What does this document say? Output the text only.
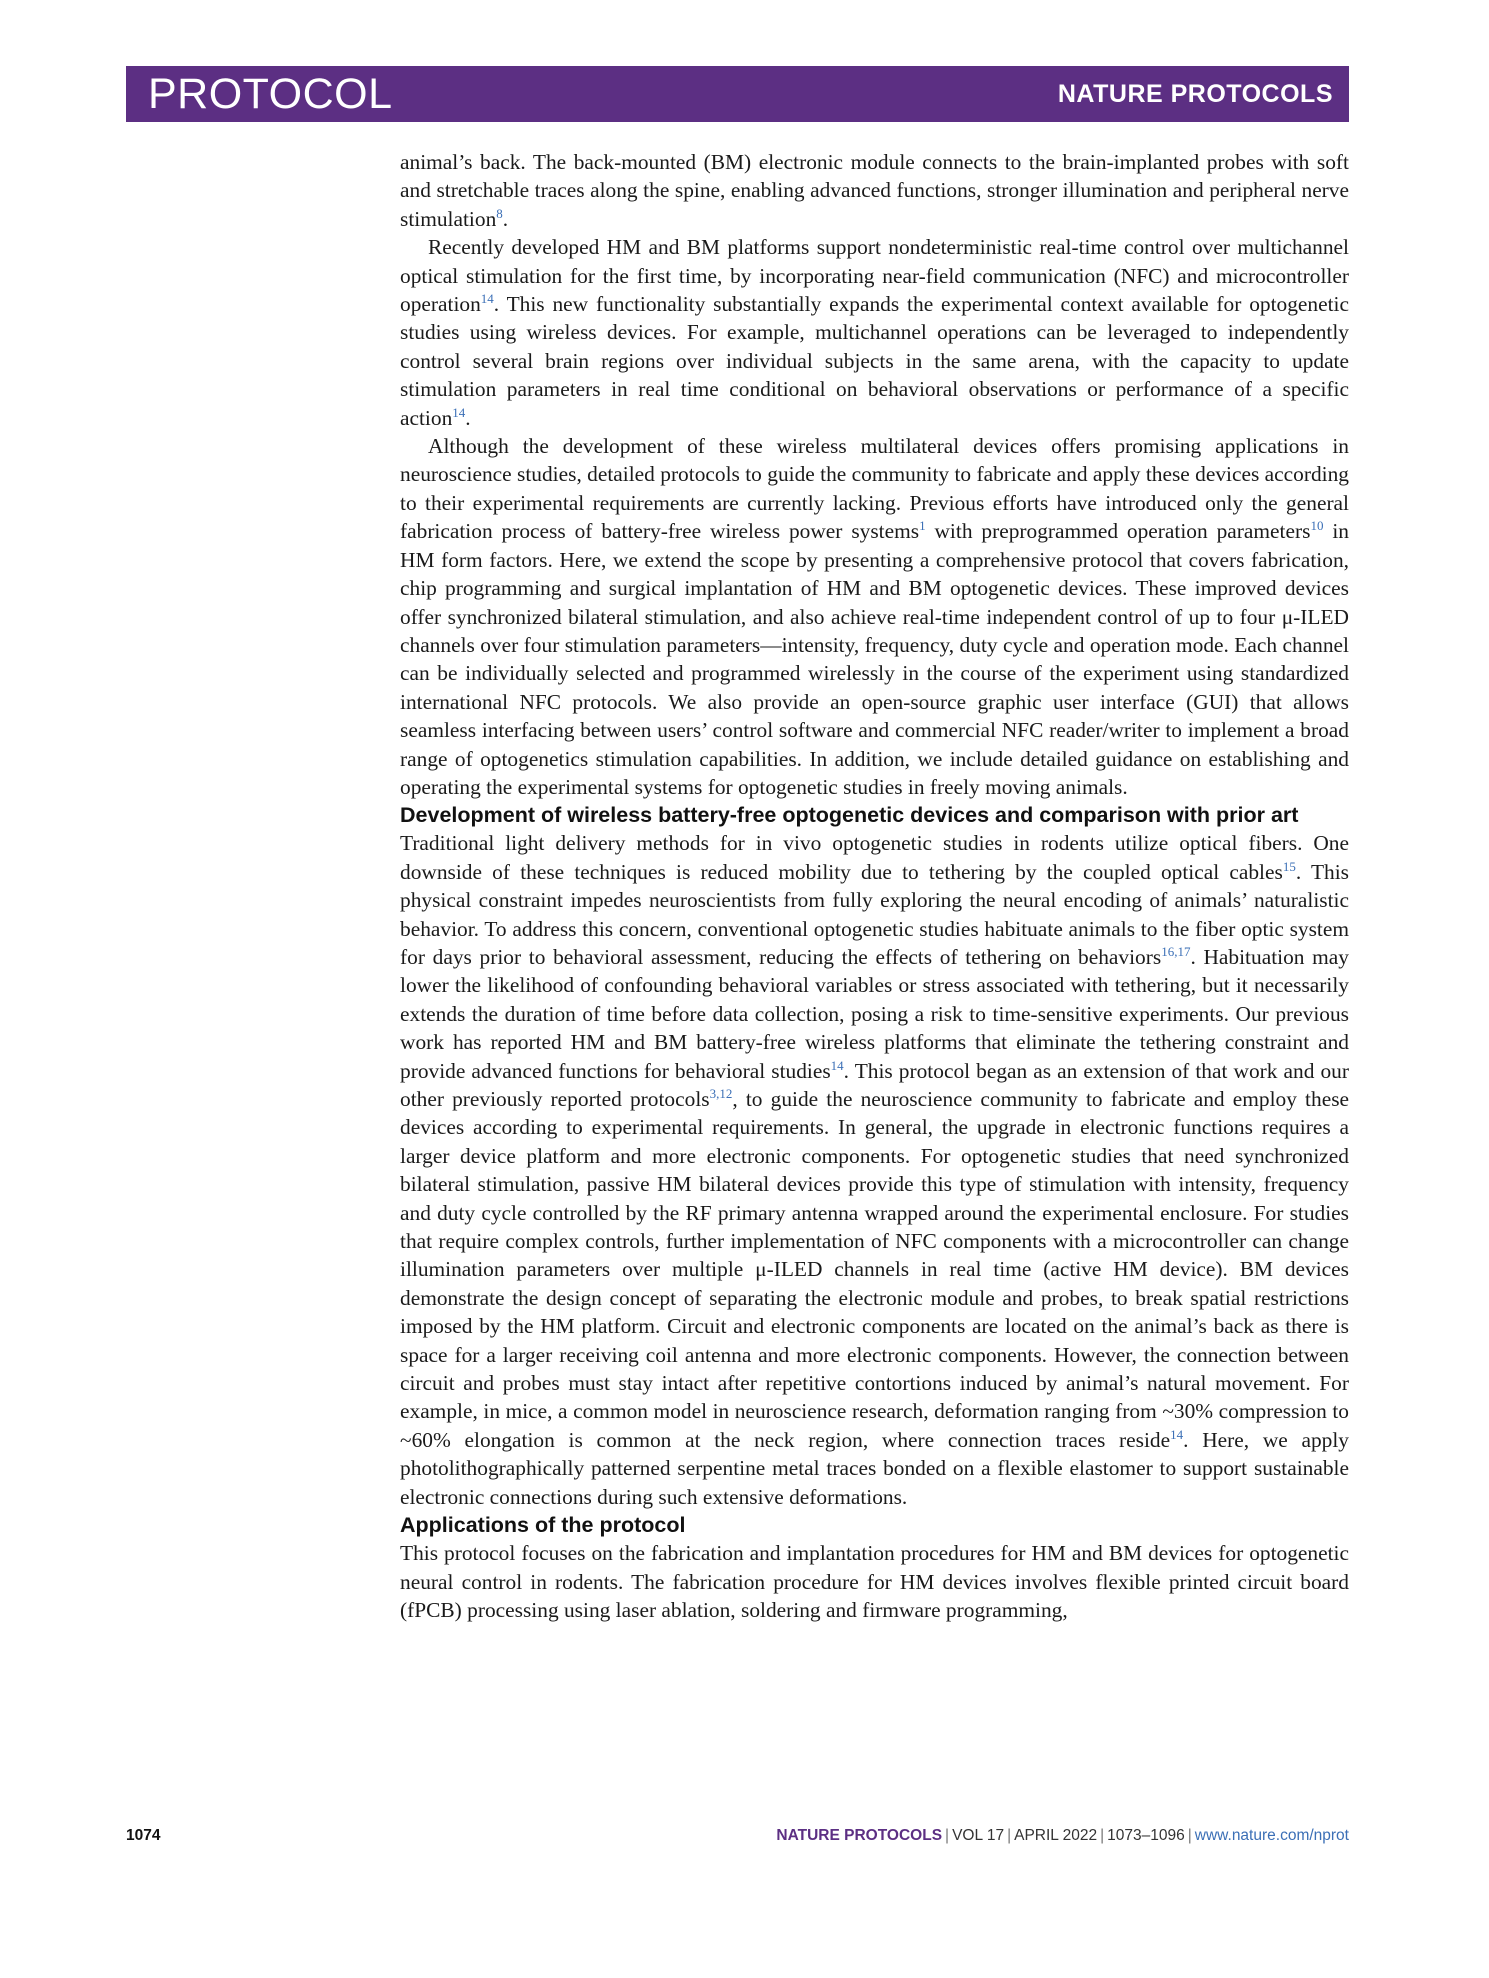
PROTOCOL	NATURE PROTOCOLS

animal’s back. The back-mounted (BM) electronic module connects to the brain-implanted probes with soft and stretchable traces along the spine, enabling advanced functions, stronger illumination and peripheral nerve stimulation$^8$.

Recently developed HM and BM platforms support nondeterministic real-time control over multichannel optical stimulation for the first time, by incorporating near-field communication (NFC) and microcontroller operation$^{14}$. This new functionality substantially expands the experimental context available for optogenetic studies using wireless devices. For example, multichannel operations can be leveraged to independently control several brain regions over individual subjects in the same arena, with the capacity to update stimulation parameters in real time conditional on behavioral observations or performance of a specific action$^{14}$.

Although the development of these wireless multilateral devices offers promising applications in neuroscience studies, detailed protocols to guide the community to fabricate and apply these devices according to their experimental requirements are currently lacking. Previous efforts have introduced only the general fabrication process of battery-free wireless power systems$^1$ with preprogrammed operation parameters$^{10}$ in HM form factors. Here, we extend the scope by presenting a comprehensive protocol that covers fabrication, chip programming and surgical implantation of HM and BM optogenetic devices. These improved devices offer synchronized bilateral stimulation, and also achieve real-time independent control of up to four μ-ILED channels over four stimulation parameters—intensity, frequency, duty cycle and operation mode. Each channel can be individually selected and programmed wirelessly in the course of the experiment using standardized international NFC protocols. We also provide an open-source graphic user interface (GUI) that allows seamless interfacing between users’ control software and commercial NFC reader/writer to implement a broad range of optogenetics stimulation capabilities. In addition, we include detailed guidance on establishing and operating the experimental systems for optogenetic studies in freely moving animals.

Development of wireless battery-free optogenetic devices and comparison with prior art

Traditional light delivery methods for in vivo optogenetic studies in rodents utilize optical fibers. One downside of these techniques is reduced mobility due to tethering by the coupled optical cables$^{15}$. This physical constraint impedes neuroscientists from fully exploring the neural encoding of animals’ naturalistic behavior. To address this concern, conventional optogenetic studies habituate animals to the fiber optic system for days prior to behavioral assessment, reducing the effects of tethering on behaviors$^{16,17}$. Habituation may lower the likelihood of confounding behavioral variables or stress associated with tethering, but it necessarily extends the duration of time before data collection, posing a risk to time-sensitive experiments. Our previous work has reported HM and BM battery-free wireless platforms that eliminate the tethering constraint and provide advanced functions for behavioral studies$^{14}$. This protocol began as an extension of that work and our other previously reported protocols$^{3,12}$, to guide the neuroscience community to fabricate and employ these devices according to experimental requirements. In general, the upgrade in electronic functions requires a larger device platform and more electronic components. For optogenetic studies that need synchronized bilateral stimulation, passive HM bilateral devices provide this type of stimulation with intensity, frequency and duty cycle controlled by the RF primary antenna wrapped around the experimental enclosure. For studies that require complex controls, further implementation of NFC components with a microcontroller can change illumination parameters over multiple μ-ILED channels in real time (active HM device). BM devices demonstrate the design concept of separating the electronic module and probes, to break spatial restrictions imposed by the HM platform. Circuit and electronic components are located on the animal’s back as there is space for a larger receiving coil antenna and more electronic components. However, the connection between circuit and probes must stay intact after repetitive contortions induced by animal’s natural movement. For example, in mice, a common model in neuroscience research, deformation ranging from ~30% compression to ~60% elongation is common at the neck region, where connection traces reside$^{14}$. Here, we apply photolithographically patterned serpentine metal traces bonded on a flexible elastomer to support sustainable electronic connections during such extensive deformations.

Applications of the protocol

This protocol focuses on the fabrication and implantation procedures for HM and BM devices for optogenetic neural control in rodents. The fabrication procedure for HM devices involves flexible printed circuit board (fPCB) processing using laser ablation, soldering and firmware programming,

1074	NATURE PROTOCOLS | VOL 17 | APRIL 2022 | 1073–1096 | www.nature.com/nprot
